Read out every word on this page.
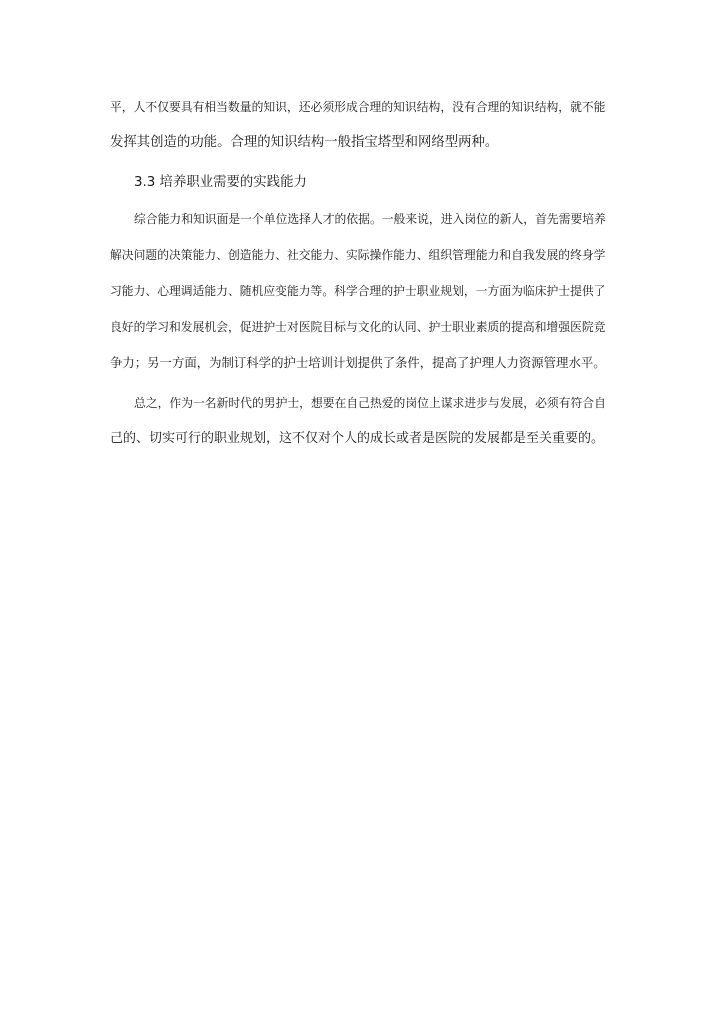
平，人不仅要具有相当数量的知识，还必须形成合理的知识结构，没有合理的知识结构，就不能
发挥其创造的功能。合理的知识结构一般指宝塔型和网络型两种。
3.3 培养职业需要的实践能力
综合能力和知识面是一个单位选择人才的依据。一般来说，进入岗位的新人，首先需要培养
解决问题的决策能力、创造能力、社交能力、实际操作能力、组织管理能力和自我发展的终身学
习能力、心理调适能力、随机应变能力等。科学合理的护士职业规划，一方面为临床护士提供了
良好的学习和发展机会，促进护士对医院目标与文化的认同、护士职业素质的提高和增强医院竞
争力；另一方面，为制订科学的护士培训计划提供了条件，提高了护理人力资源管理水平。
总之，作为一名新时代的男护士，想要在自己热爱的岗位上谋求进步与发展，必须有符合自
己的、切实可行的职业规划，这不仅对个人的成长或者是医院的发展都是至关重要的。
